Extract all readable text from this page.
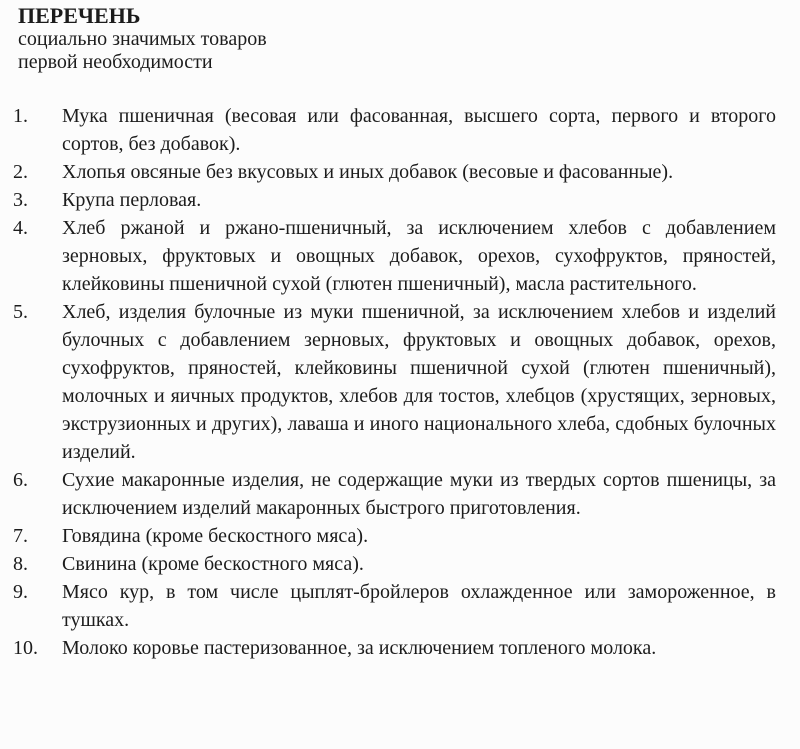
ПЕРЕЧЕНЬ
социально значимых товаров
первой необходимости
1. Мука пшеничная (весовая или фасованная, высшего сорта, первого и второго сортов, без добавок).
2. Хлопья овсяные без вкусовых и иных добавок (весовые и фасованные).
3. Крупа перловая.
4. Хлеб ржаной и ржано-пшеничный, за исключением хлебов с добавлением зерновых, фруктовых и овощных добавок, орехов, сухофруктов, пряностей, клейковины пшеничной сухой (глютен пшеничный), масла растительного.
5. Хлеб, изделия булочные из муки пшеничной, за исключением хлебов и изделий булочных с добавлением зерновых, фруктовых и овощных добавок, орехов, сухофруктов, пряностей, клейковины пшеничной сухой (глютен пшеничный), молочных и яичных продуктов, хлебов для тостов, хлебцов (хрустящих, зерновых, экструзионных и других), лаваша и иного национального хлеба, сдобных булочных изделий.
6. Сухие макаронные изделия, не содержащие муки из твердых сортов пшеницы, за исключением изделий макаронных быстрого приготовления.
7. Говядина (кроме бескостного мяса).
8. Свинина (кроме бескостного мяса).
9. Мясо кур, в том числе цыплят-бройлеров охлажденное или замороженное, в тушках.
10. Молоко коровье пастеризованное, за исключением топленого молока.
